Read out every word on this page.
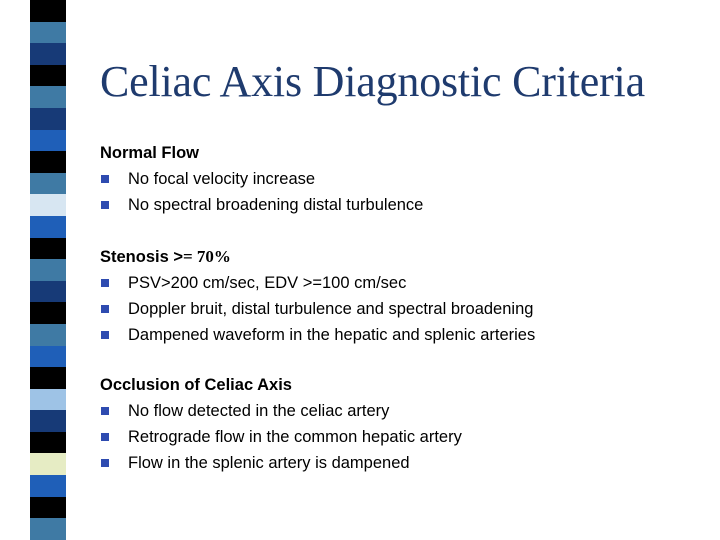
Celiac Axis Diagnostic Criteria
Normal Flow
No focal velocity increase
No spectral broadening distal turbulence
Stenosis >= 70%
PSV>200 cm/sec, EDV >=100 cm/sec
Doppler bruit, distal turbulence and spectral broadening
Dampened waveform in the hepatic and splenic arteries
Occlusion of Celiac Axis
No flow detected in the celiac artery
Retrograde flow in the common hepatic artery
Flow in the splenic artery is dampened
